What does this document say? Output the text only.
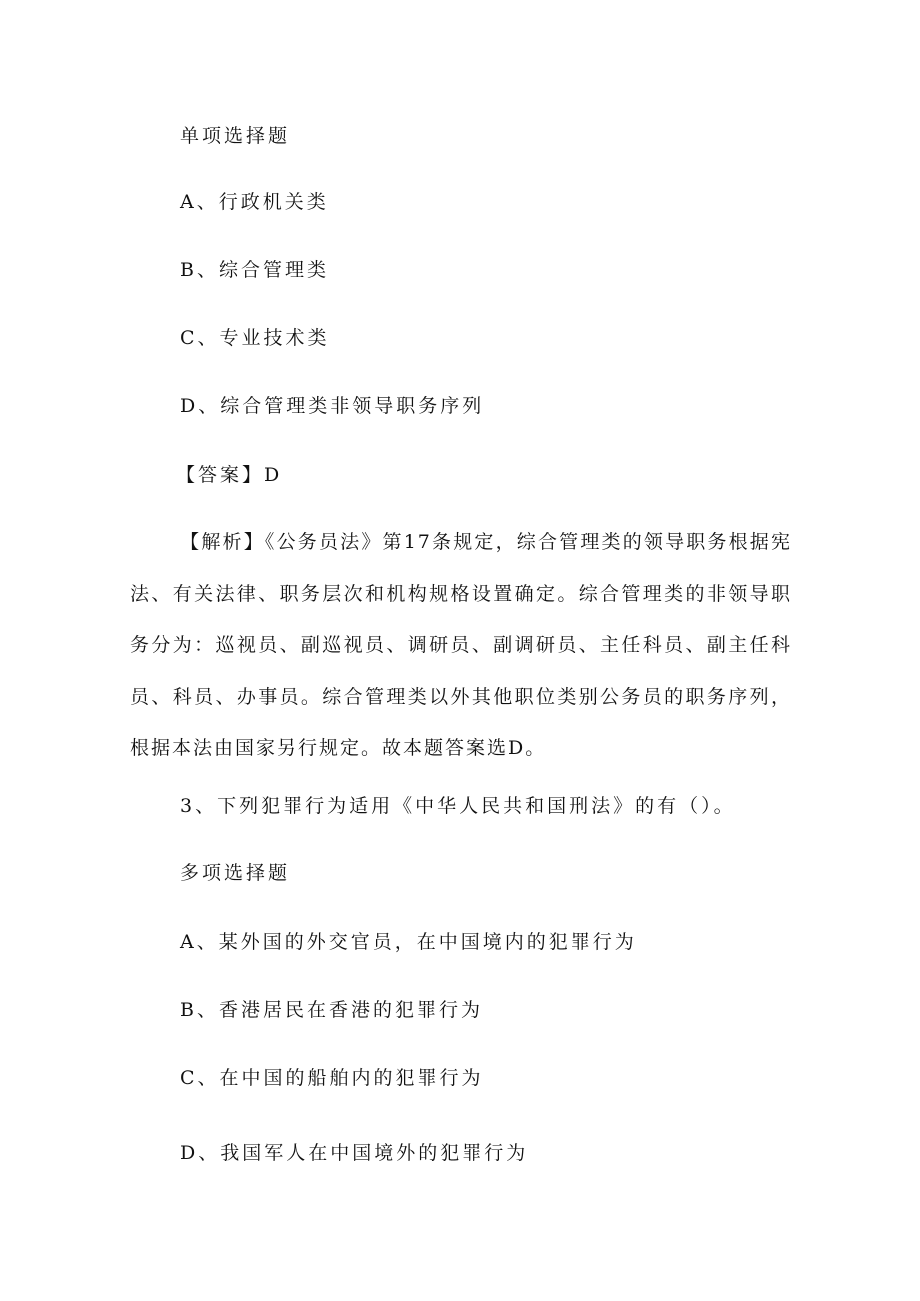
单项选择题
A、行政机关类
B、综合管理类
C、专业技术类
D、综合管理类非领导职务序列
【答案】D
【解析】《公务员法》第17条规定，综合管理类的领导职务根据宪法、有关法律、职务层次和机构规格设置确定。综合管理类的非领导职务分为：巡视员、副巡视员、调研员、副调研员、主任科员、副主任科员、科员、办事员。综合管理类以外其他职位类别公务员的职务序列，根据本法由国家另行规定。故本题答案选D。
3、下列犯罪行为适用《中华人民共和国刑法》的有（）。
多项选择题
A、某外国的外交官员，在中国境内的犯罪行为
B、香港居民在香港的犯罪行为
C、在中国的船舶内的犯罪行为
D、我国军人在中国境外的犯罪行为
